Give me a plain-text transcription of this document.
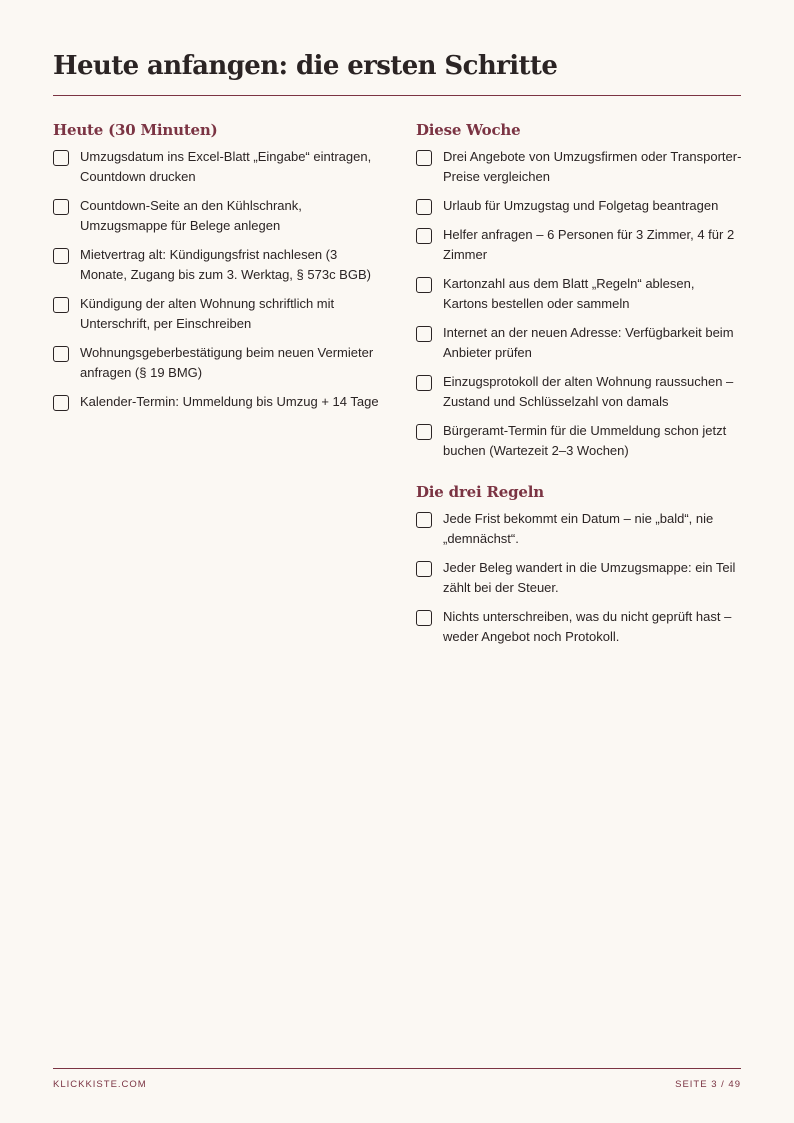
Heute anfangen: die ersten Schritte
Heute (30 Minuten)
Umzugsdatum ins Excel-Blatt „Eingabe“ eintragen, Countdown drucken
Countdown-Seite an den Kühlschrank, Umzugsmappe für Belege anlegen
Mietvertrag alt: Kündigungsfrist nachlesen (3 Monate, Zugang bis zum 3. Werktag, § 573c BGB)
Kündigung der alten Wohnung schriftlich mit Unterschrift, per Einschreiben
Wohnungsgeberbestätigung beim neuen Vermieter anfragen (§ 19 BMG)
Kalender-Termin: Ummeldung bis Umzug + 14 Tage
Diese Woche
Drei Angebote von Umzugsfirmen oder Transporter-Preise vergleichen
Urlaub für Umzugstag und Folgetag beantragen
Helfer anfragen – 6 Personen für 3 Zimmer, 4 für 2 Zimmer
Kartonzahl aus dem Blatt „Regeln“ ablesen, Kartons bestellen oder sammeln
Internet an der neuen Adresse: Verfügbarkeit beim Anbieter prüfen
Einzugsprotokoll der alten Wohnung raussuchen – Zustand und Schlüsselzahl von damals
Bürgeramt-Termin für die Ummeldung schon jetzt buchen (Wartezeit 2–3 Wochen)
Die drei Regeln
Jede Frist bekommt ein Datum – nie „bald“, nie „demnächst“.
Jeder Beleg wandert in die Umzugsmappe: ein Teil zählt bei der Steuer.
Nichts unterschreiben, was du nicht geprüft hast – weder Angebot noch Protokoll.
KLICKKISTE.COM	SEITE 3 / 49
